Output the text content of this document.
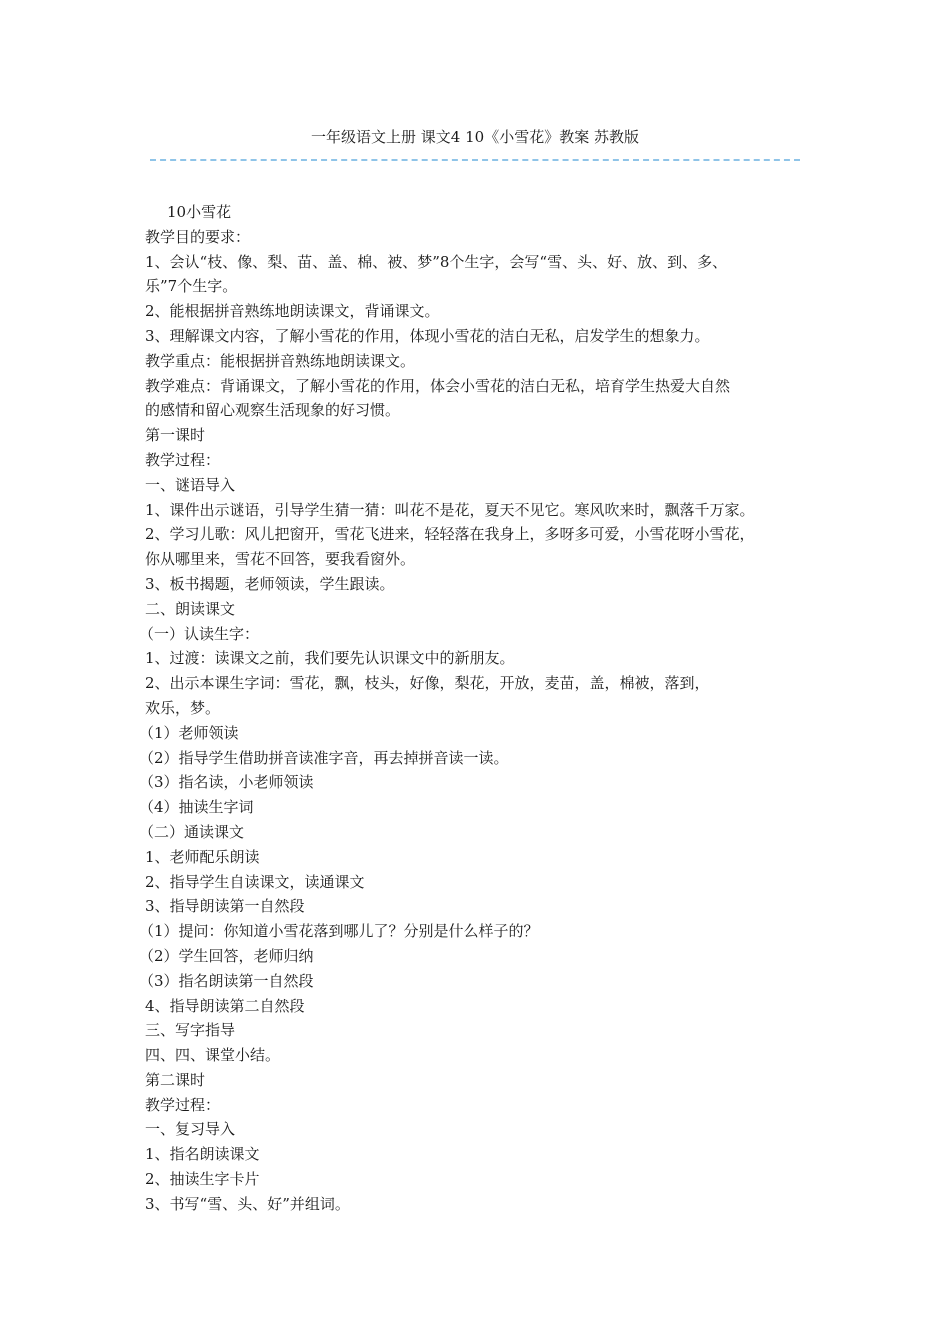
一年级语文上册 课文4 10《小雪花》教案 苏教版
10小雪花
教学目的要求：
1、会认“枝、像、梨、苗、盖、棉、被、梦”8个生字，会写“雪、头、好、放、到、多、
乐”7个生字。
2、能根据拼音熟练地朗读课文，背诵课文。
3、理解课文内容，了解小雪花的作用，体现小雪花的洁白无私，启发学生的想象力。
教学重点：能根据拼音熟练地朗读课文。
教学难点：背诵课文，了解小雪花的作用，体会小雪花的洁白无私，培育学生热爱大自然
的感情和留心观察生活现象的好习惯。
第一课时
教学过程：
一、谜语导入
1、课件出示谜语，引导学生猜一猜：叫花不是花，夏天不见它。寒风吹来时，飘落千万家。
2、学习儿歌：风儿把窗开，雪花飞进来，轻轻落在我身上，多呀多可爱，小雪花呀小雪花，
你从哪里来，雪花不回答，要我看窗外。
3、板书揭题，老师领读，学生跟读。
二、朗读课文
（一）认读生字：
1、过渡：读课文之前，我们要先认识课文中的新朋友。
2、出示本课生字词：雪花，飘，枝头，好像，梨花，开放，麦苗，盖，棉被，落到，
欢乐，梦。
（1）老师领读
（2）指导学生借助拼音读准字音，再去掉拼音读一读。
（3）指名读，小老师领读
（4）抽读生字词
（二）通读课文
1、老师配乐朗读
2、指导学生自读课文，读通课文
3、指导朗读第一自然段
（1）提问：你知道小雪花落到哪儿了？分别是什么样子的？
（2）学生回答，老师归纳
（3）指名朗读第一自然段
4、指导朗读第二自然段
三、写字指导
四、四、课堂小结。
第二课时
教学过程：
一、复习导入
1、指名朗读课文
2、抽读生字卡片
3、书写“雪、头、好”并组词。
